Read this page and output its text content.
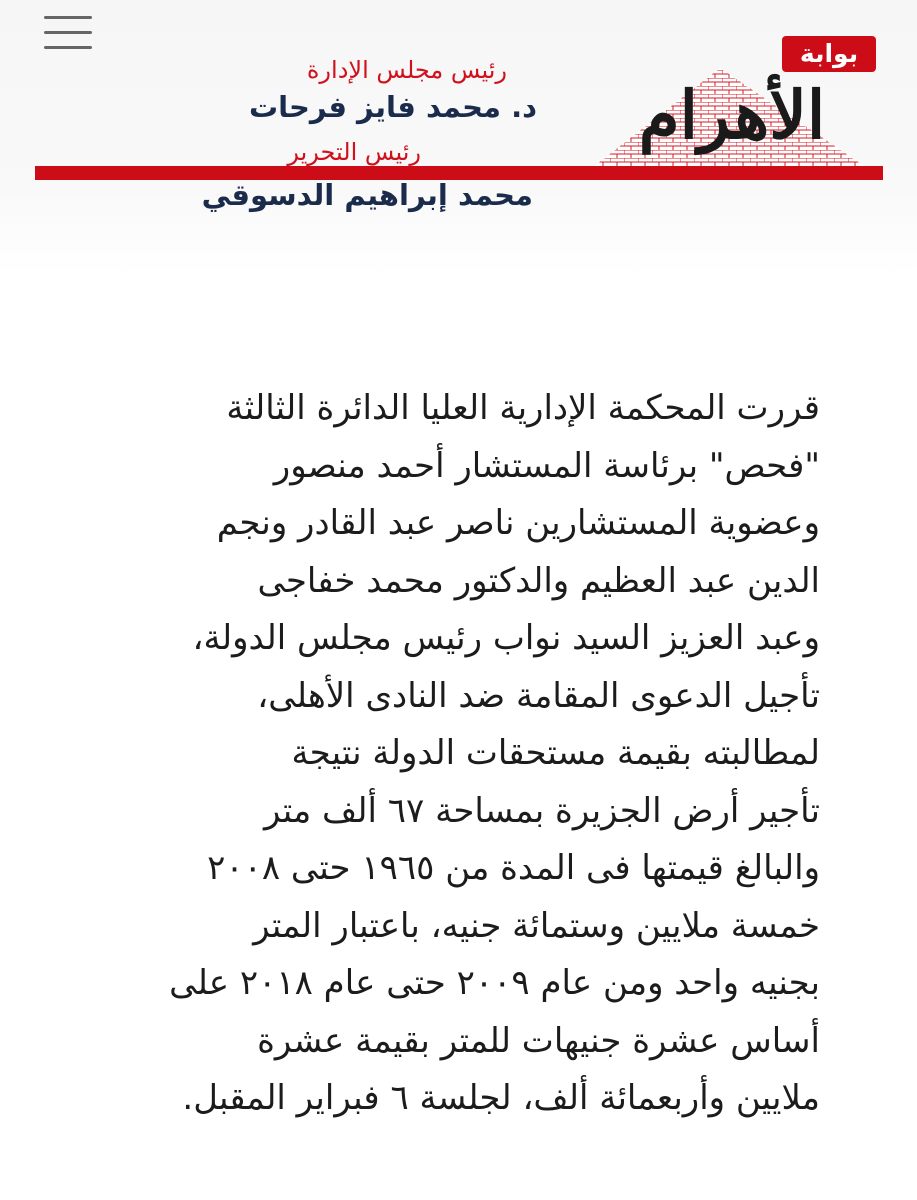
بوابة
الأهرام
رئيس مجلس الإدارة
د. محمد فايز فرحات
رئيس التحرير
محمد إبراهيم الدسوقي
قررت المحكمة الإدارية العليا الدائرة الثالثة
"فحص" برئاسة المستشار أحمد منصور
وعضوية المستشارين ناصر عبد القادر ونجم
الدين عبد العظيم والدكتور محمد خفاجى
وعبد العزيز السيد نواب رئيس مجلس الدولة،
تأجيل الدعوى المقامة ضد النادى الأهلى،
لمطالبته بقيمة مستحقات الدولة نتيجة
تأجير أرض الجزيرة بمساحة ٦٧ ألف متر
والبالغ قيمتها فى المدة من ١٩٦٥ حتى ٢٠٠٨
خمسة ملايين وستمائة جنيه، باعتبار المتر
بجنيه واحد ومن عام ٢٠٠٩ حتى عام ٢٠١٨ على
أساس عشرة جنيهات للمتر بقيمة عشرة
ملايين وأربعمائة ألف، لجلسة ٦ فبراير المقبل.
